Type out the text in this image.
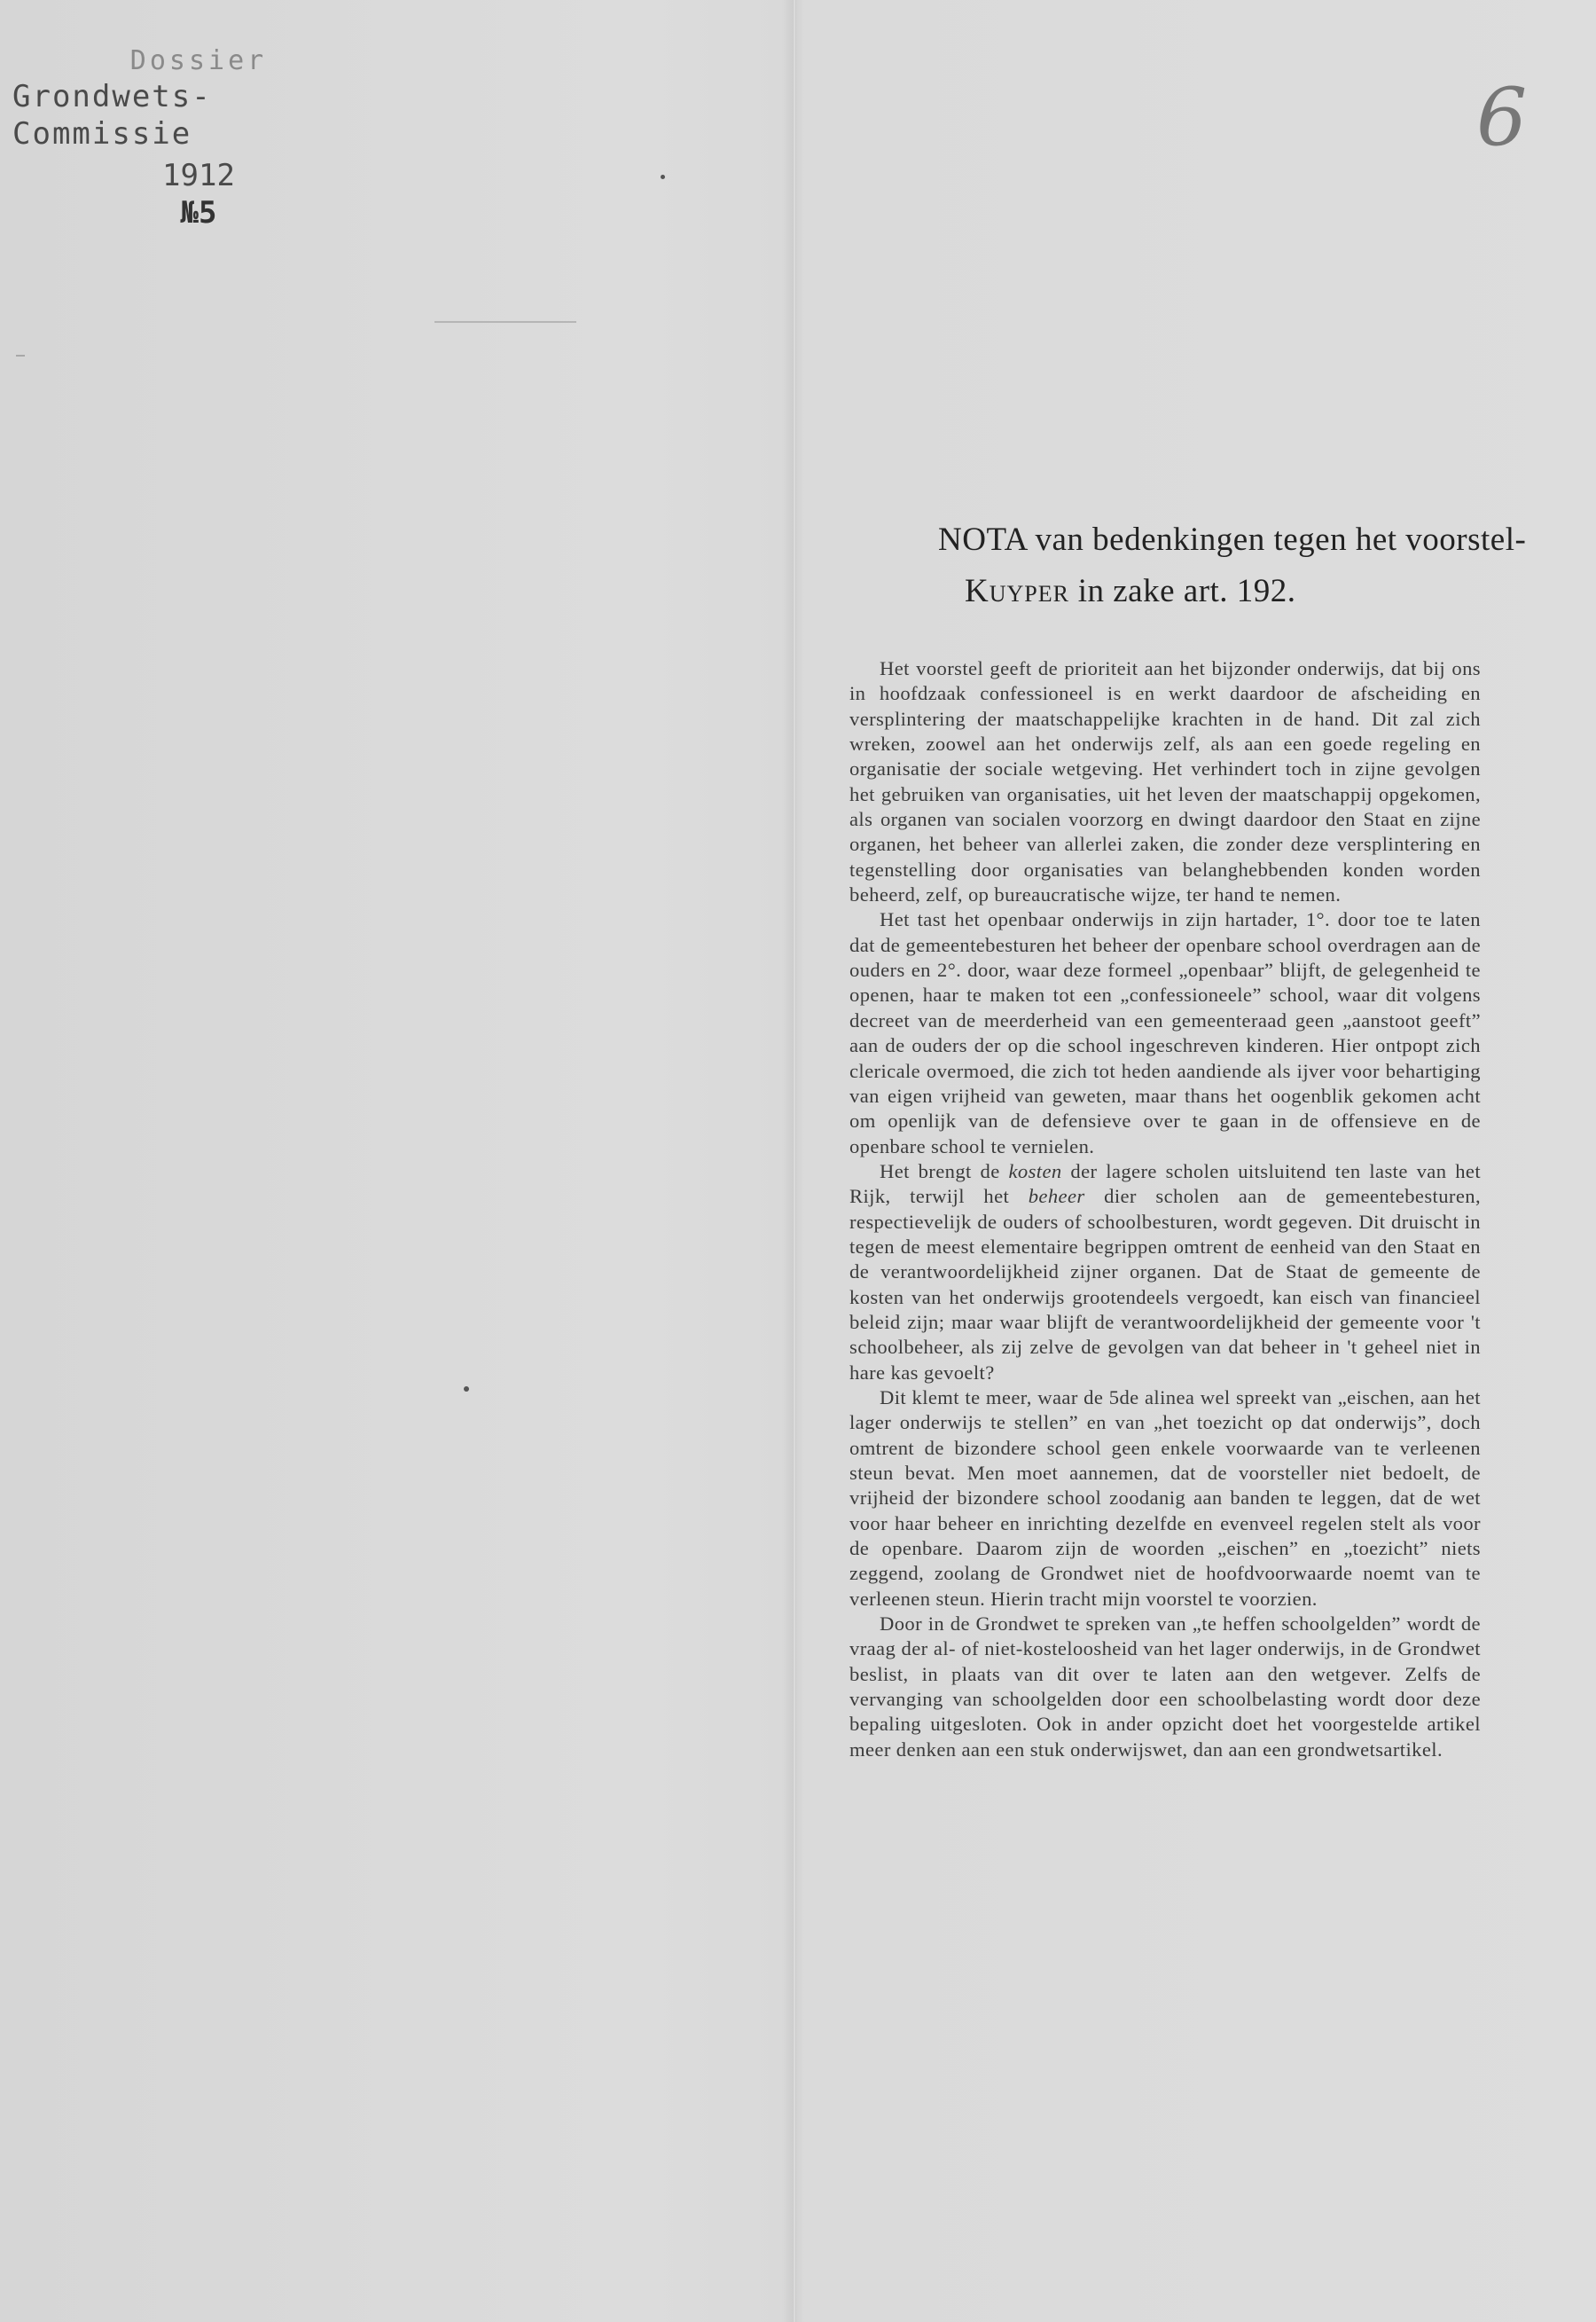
Dossier
Grondwets-Commissie
1912
№5
6
NOTA van bedenkingen tegen het voorstel-
Kuyper in zake art. 192.

Het voorstel geeft de prioriteit aan het bijzonder onderwijs, dat bij ons in hoofdzaak confessioneel is en werkt daardoor de afscheiding en versplintering der maatschappelijke krachten in de hand. Dit zal zich wreken, zoowel aan het onderwijs zelf, als aan een goede regeling en organisatie der sociale wetgeving. Het verhindert toch in zijne gevolgen het gebruiken van organisaties, uit het leven der maatschappij opgekomen, als organen van socialen voorzorg en dwingt daardoor den Staat en zijne organen, het beheer van allerlei zaken, die zonder deze versplintering en tegenstelling door organisaties van belanghebbenden konden worden beheerd, zelf, op bureaucratische wijze, ter hand te nemen.

Het tast het openbaar onderwijs in zijn hartader, 1°. door toe te laten dat de gemeentebesturen het beheer der openbare school overdragen aan de ouders en 2°. door, waar deze formeel „openbaar” blijft, de gelegenheid te openen, haar te maken tot een „confessioneele” school, waar dit volgens decreet van de meerderheid van een gemeenteraad geen „aanstoot geeft” aan de ouders der op die school ingeschreven kinderen. Hier ontpopt zich clericale overmoed, die zich tot heden aandiende als ijver voor behartiging van eigen vrijheid van geweten, maar thans het oogenblik gekomen acht om openlijk van de defensieve over te gaan in de offensieve en de openbare school te vernielen.

Het brengt de kosten der lagere scholen uitsluitend ten laste van het Rijk, terwijl het beheer dier scholen aan de gemeentebesturen, respectievelijk de ouders of schoolbesturen, wordt gegeven. Dit druischt in tegen de meest elementaire begrippen omtrent de eenheid van den Staat en de verantwoordelijkheid zijner organen. Dat de Staat de gemeente de kosten van het onderwijs grootendeels vergoedt, kan eisch van financieel beleid zijn; maar waar blijft de verantwoordelijkheid der gemeente voor 't schoolbeheer, als zij zelve de gevolgen van dat beheer in 't geheel niet in hare kas gevoelt?

Dit klemt te meer, waar de 5de alinea wel spreekt van „eischen, aan het lager onderwijs te stellen” en van „het toezicht op dat onderwijs”, doch omtrent de bizondere school geen enkele voorwaarde van te verleenen steun bevat. Men moet aannemen, dat de voorsteller niet bedoelt, de vrijheid der bizondere school zoodanig aan banden te leggen, dat de wet voor haar beheer en inrichting dezelfde en evenveel regelen stelt als voor de openbare. Daarom zijn de woorden „eischen” en „toezicht” niets zeggend, zoolang de Grondwet niet de hoofdvoorwaarde noemt van te verleenen steun. Hierin tracht mijn voorstel te voorzien.

Door in de Grondwet te spreken van „te heffen schoolgelden” wordt de vraag der al- of niet-kosteloosheid van het lager onderwijs, in de Grondwet beslist, in plaats van dit over te laten aan den wetgever. Zelfs de vervanging van schoolgelden door een schoolbelasting wordt door deze bepaling uitgesloten. Ook in ander opzicht doet het voorgestelde artikel meer denken aan een stuk onderwijswet, dan aan een grondwetsartikel.
